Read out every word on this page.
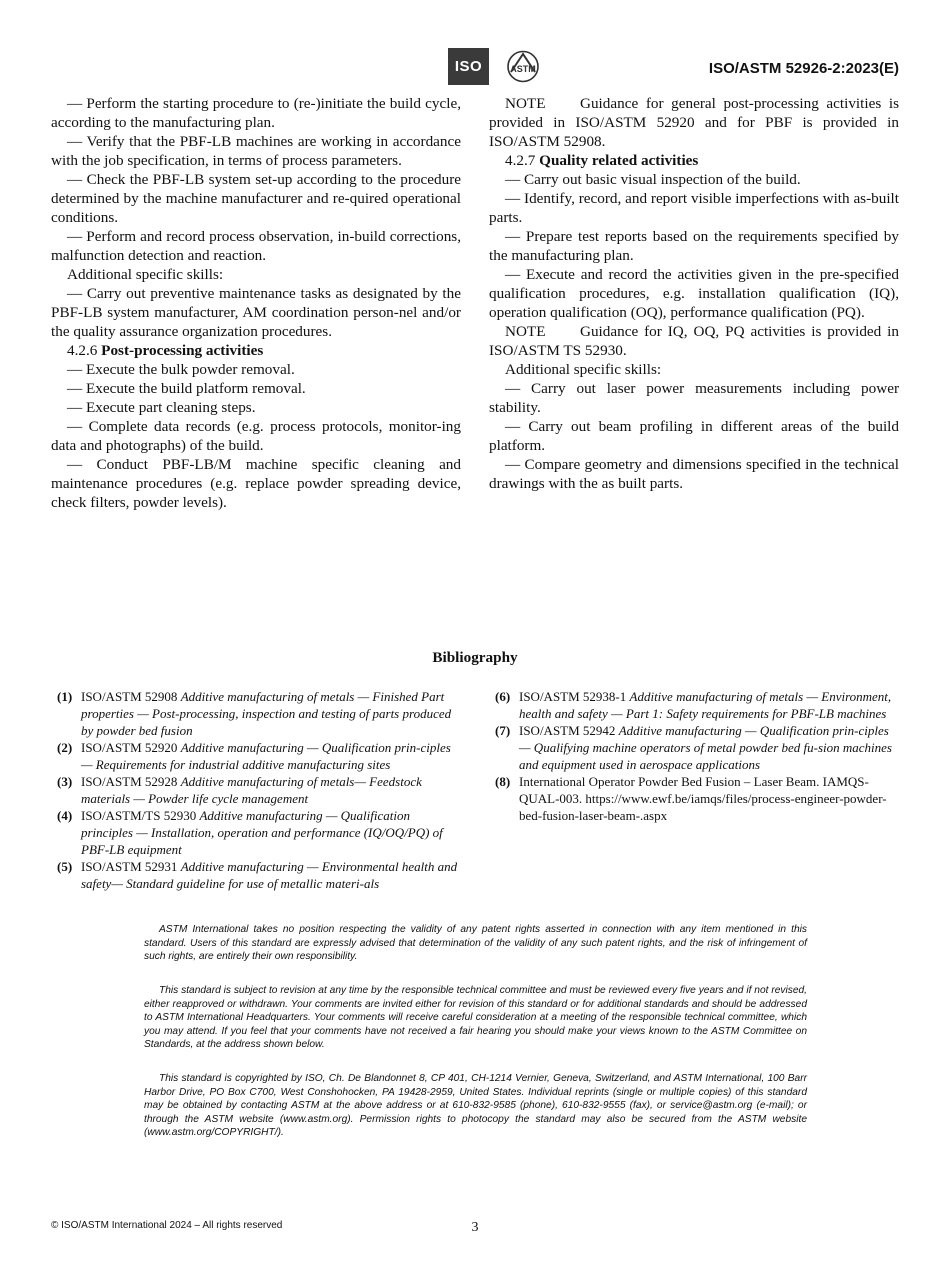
ISO	ASTM	ISO/ASTM 52926-2:2023(E)

— Perform the starting procedure to (re-)initiate the build cycle, according to the manufacturing plan.

— Verify that the PBF-LB machines are working in accordance with the job specification, in terms of process parameters.

— Check the PBF-LB system set-up according to the procedure determined by the machine manufacturer and re-quired operational conditions.

— Perform and record process observation, in-build corrections, malfunction detection and reaction.

Additional specific skills:

— Carry out preventive maintenance tasks as designated by the PBF-LB system manufacturer, AM coordination person-nel and/or the quality assurance organization procedures.

4.2.6 Post-processing activities

— Execute the bulk powder removal.

— Execute the build platform removal.

— Execute part cleaning steps.

— Complete data records (e.g. process protocols, monitor-ing data and photographs) of the build.

— Conduct PBF-LB/M machine specific cleaning and maintenance procedures (e.g. replace powder spreading device, check filters, powder levels).

NOTE Guidance for general post-processing activities is provided in ISO/ASTM 52920 and for PBF is provided in ISO/ASTM 52908.

4.2.7 Quality related activities

— Carry out basic visual inspection of the build.

— Identify, record, and report visible imperfections with as-built parts.

— Prepare test reports based on the requirements specified by the manufacturing plan.

— Execute and record the activities given in the pre-specified qualification procedures, e.g. installation qualification (IQ), operation qualification (OQ), performance qualification (PQ).

NOTE Guidance for IQ, OQ, PQ activities is provided in ISO/ASTM TS 52930.

Additional specific skills:

— Carry out laser power measurements including power stability.

— Carry out beam profiling in different areas of the build platform.

— Compare geometry and dimensions specified in the technical drawings with the as built parts.

Bibliography

(1) ISO/ASTM 52908 Additive manufacturing of metals — Finished Part properties — Post-processing, inspection and testing of parts produced by powder bed fusion

(2) ISO/ASTM 52920 Additive manufacturing — Qualification prin-ciples — Requirements for industrial additive manufacturing sites

(3) ISO/ASTM 52928 Additive manufacturing of metals— Feedstock materials — Powder life cycle management

(4) ISO/ASTM/TS 52930 Additive manufacturing — Qualification principles — Installation, operation and performance (IQ/OQ/PQ) of PBF-LB equipment

(5) ISO/ASTM 52931 Additive manufacturing — Environmental health and safety— Standard guideline for use of metallic materi-als

(6) ISO/ASTM 52938-1 Additive manufacturing of metals — Environment, health and safety — Part 1: Safety requirements for PBF-LB machines

(7) ISO/ASTM 52942 Additive manufacturing — Qualification prin-ciples — Qualifying machine operators of metal powder bed fu-sion machines and equipment used in aerospace applications

(8) International Operator Powder Bed Fusion – Laser Beam. IAMQS-QUAL-003. https://www.ewf.be/iamqs/files/process-engineer-powder-bed-fusion-laser-beam-.aspx

ASTM International takes no position respecting the validity of any patent rights asserted in connection with any item mentioned in this standard. Users of this standard are expressly advised that determination of the validity of any such patent rights, and the risk of infringement of such rights, are entirely their own responsibility.

This standard is subject to revision at any time by the responsible technical committee and must be reviewed every five years and if not revised, either reapproved or withdrawn. Your comments are invited either for revision of this standard or for additional standards and should be addressed to ASTM International Headquarters. Your comments will receive careful consideration at a meeting of the responsible technical committee, which you may attend. If you feel that your comments have not received a fair hearing you should make your views known to the ASTM Committee on Standards, at the address shown below.

This standard is copyrighted by ISO, Ch. De Blandonnet 8, CP 401, CH-1214 Vernier, Geneva, Switzerland, and ASTM International, 100 Barr Harbor Drive, PO Box C700, West Conshohocken, PA 19428-2959, United States. Individual reprints (single or multiple copies) of this standard may be obtained by contacting ASTM at the above address or at 610-832-9585 (phone), 610-832-9555 (fax), or service@astm.org (e-mail); or through the ASTM website (www.astm.org). Permission rights to photocopy the standard may also be secured from the ASTM website (www.astm.org/COPYRIGHT/).

© ISO/ASTM International 2024 – All rights reserved	3
